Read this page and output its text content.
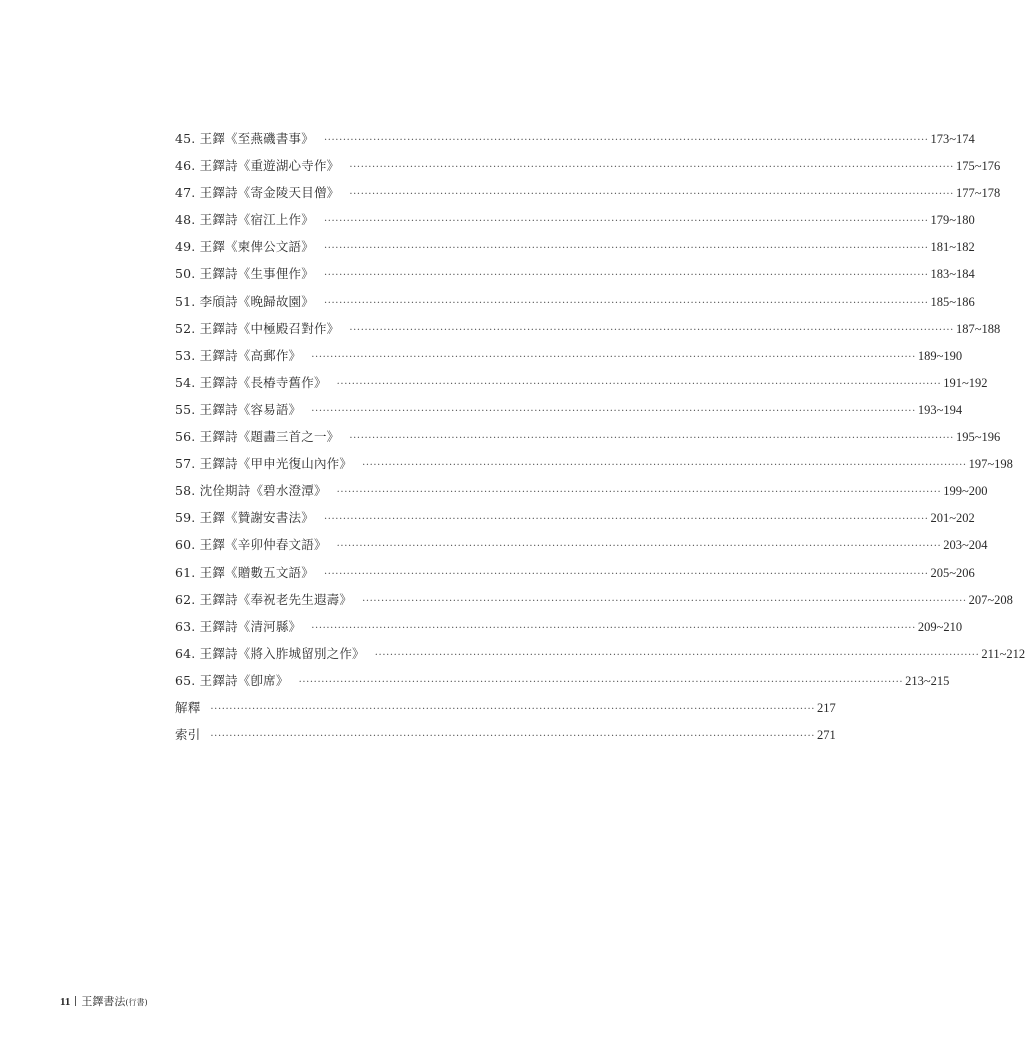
45. 王鐸《至燕磯書事》 ································································································································································ 173~174
46. 王鐸詩《重遊湖心寺作》 ································································································································································ 175~176
47. 王鐸詩《寄金陵天目僧》 ································································································································································ 177~178
48. 王鐸詩《宿江上作》 ································································································································································ 179~180
49. 王鐸《柬俾公文語》 ································································································································································ 181~182
50. 王鐸詩《生事俚作》 ································································································································································ 183~184
51. 李頎詩《晚歸故園》 ································································································································································ 185~186
52. 王鐸詩《中極殿召對作》 ································································································································································ 187~188
53. 王鐸詩《高郵作》 ································································································································································ 189~190
54. 王鐸詩《長椿寺舊作》 ································································································································································ 191~192
55. 王鐸詩《容易語》 ································································································································································ 193~194
56. 王鐸詩《題畵三首之一》 ································································································································································ 195~196
57. 王鐸詩《甲申光復山內作》 ································································································································································ 197~198
58. 沈佺期詩《碧水澄潭》 ································································································································································ 199~200
59. 王鐸《贊謝安書法》 ································································································································································ 201~202
60. 王鐸《辛卯仲春文語》 ································································································································································ 203~204
61. 王鐸《贈數五文語》 ································································································································································ 205~206
62. 王鐸詩《奉祝老先生遐壽》 ································································································································································ 207~208
63. 王鐸詩《清河縣》 ································································································································································ 209~210
64. 王鐸詩《將入胙城留別之作》 ································································································································································ 211~212
65. 王鐸詩《卽席》 ································································································································································ 213~215
解釋 ································································································································································ 217
索引 ································································································································································ 271
11 王鐸書法(行書)
